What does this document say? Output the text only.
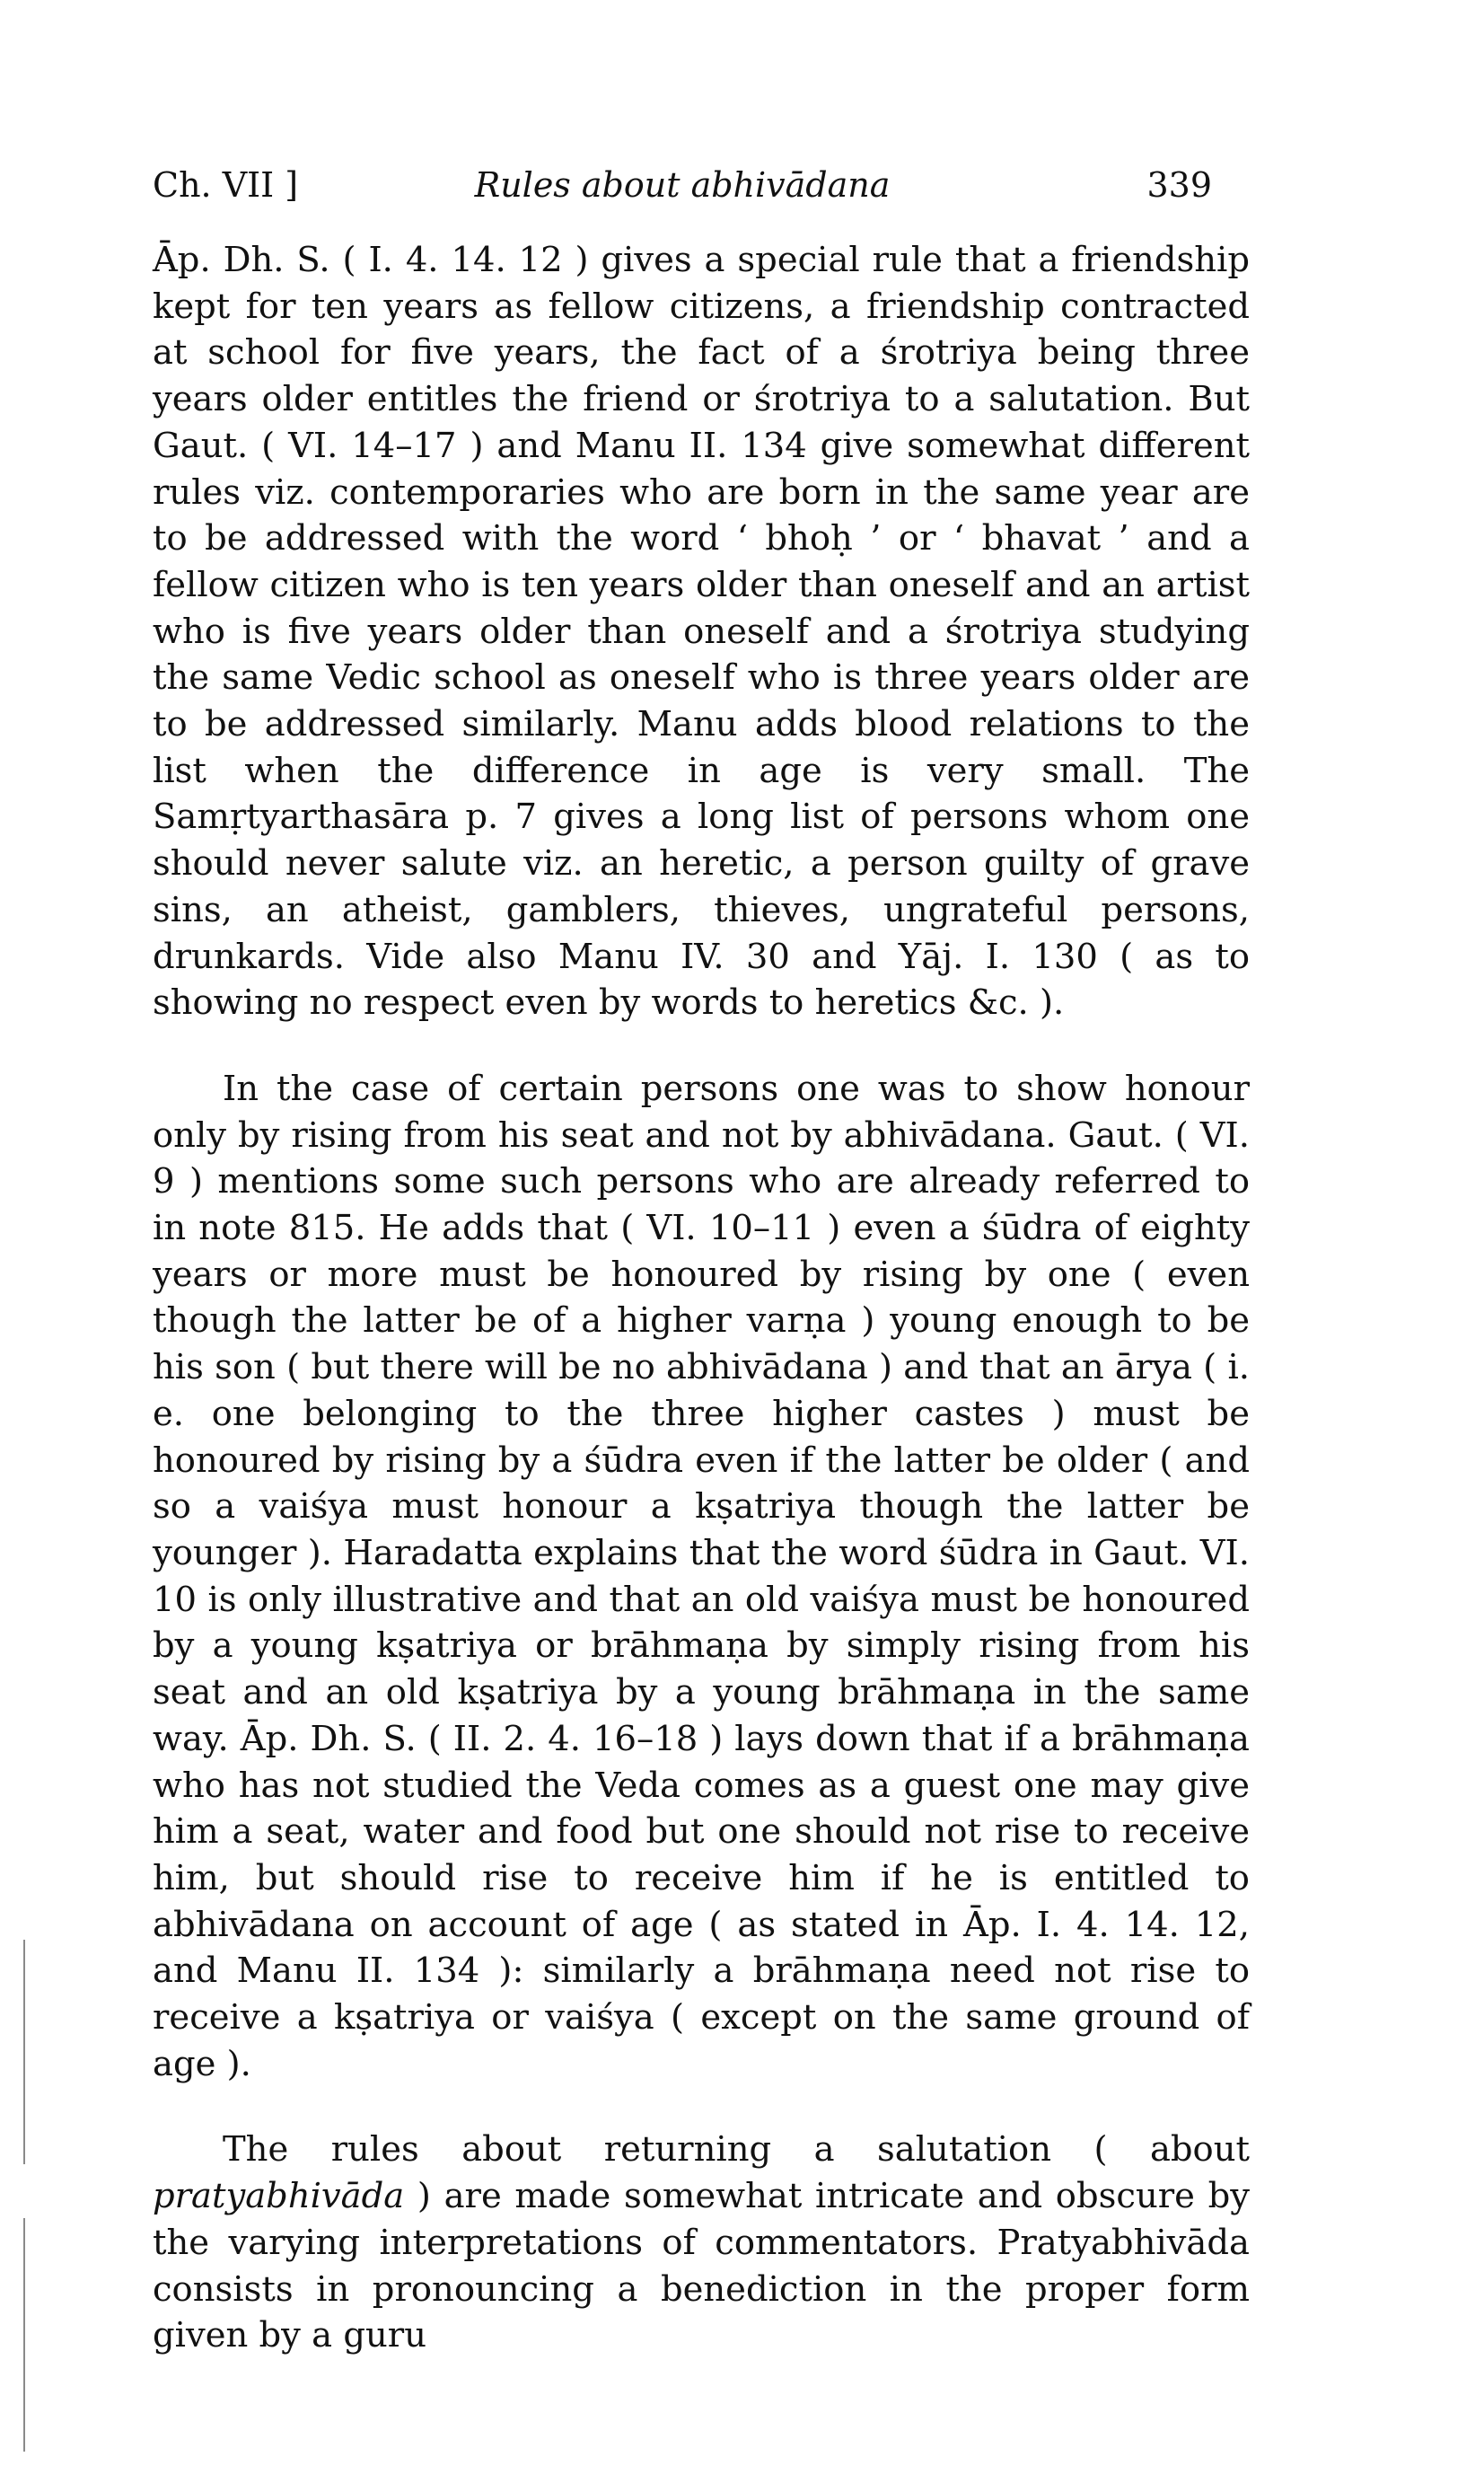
Ch. VII ]	Rules about abhivādana	339

Āp. Dh. S. ( I. 4. 14. 12 ) gives a special rule that a friendship kept for ten years as fellow citizens, a friendship contracted at school for five years, the fact of a śrotriya being three years older entitles the friend or śrotriya to a salutation. But Gaut. ( VI. 14–17 ) and Manu II. 134 give somewhat different rules viz. contemporaries who are born in the same year are to be addressed with the word ‘ bhoḥ ’ or ‘ bhavat ’ and a fellow citizen who is ten years older than oneself and an artist who is five years older than oneself and a śrotriya studying the same Vedic school as oneself who is three years older are to be addressed similarly. Manu adds blood relations to the list when the difference in age is very small. The Samṛtyarthasāra p. 7 gives a long list of persons whom one should never salute viz. an heretic, a person guilty of grave sins, an atheist, gamblers, thieves, ungrateful persons, drunkards. Vide also Manu IV. 30 and Yāj. I. 130 ( as to showing no respect even by words to heretics &c. ).

In the case of certain persons one was to show honour only by rising from his seat and not by abhivādana. Gaut. ( VI. 9 ) mentions some such persons who are already referred to in note 815. He adds that ( VI. 10–11 ) even a śūdra of eighty years or more must be honoured by rising by one ( even though the latter be of a higher varṇa ) young enough to be his son ( but there will be no abhivādana ) and that an ārya ( i. e. one belonging to the three higher castes ) must be honoured by rising by a śūdra even if the latter be older ( and so a vaiśya must honour a kṣatriya though the latter be younger ). Haradatta explains that the word śūdra in Gaut. VI. 10 is only illustrative and that an old vaiśya must be honoured by a young kṣatriya or brāhmaṇa by simply rising from his seat and an old kṣatriya by a young brāhmaṇa in the same way. Āp. Dh. S. ( II. 2. 4. 16–18 ) lays down that if a brāhmaṇa who has not studied the Veda comes as a guest one may give him a seat, water and food but one should not rise to receive him, but should rise to receive him if he is entitled to abhivādana on account of age ( as stated in Āp. I. 4. 14. 12, and Manu II. 134 ): similarly a brāhmaṇa need not rise to receive a kṣatriya or vaiśya ( except on the same ground of age ).

The rules about returning a salutation ( about pratyabhivāda ) are made somewhat intricate and obscure by the varying interpretations of commentators. Pratyabhivāda consists in pronouncing a benediction in the proper form given by a guru
